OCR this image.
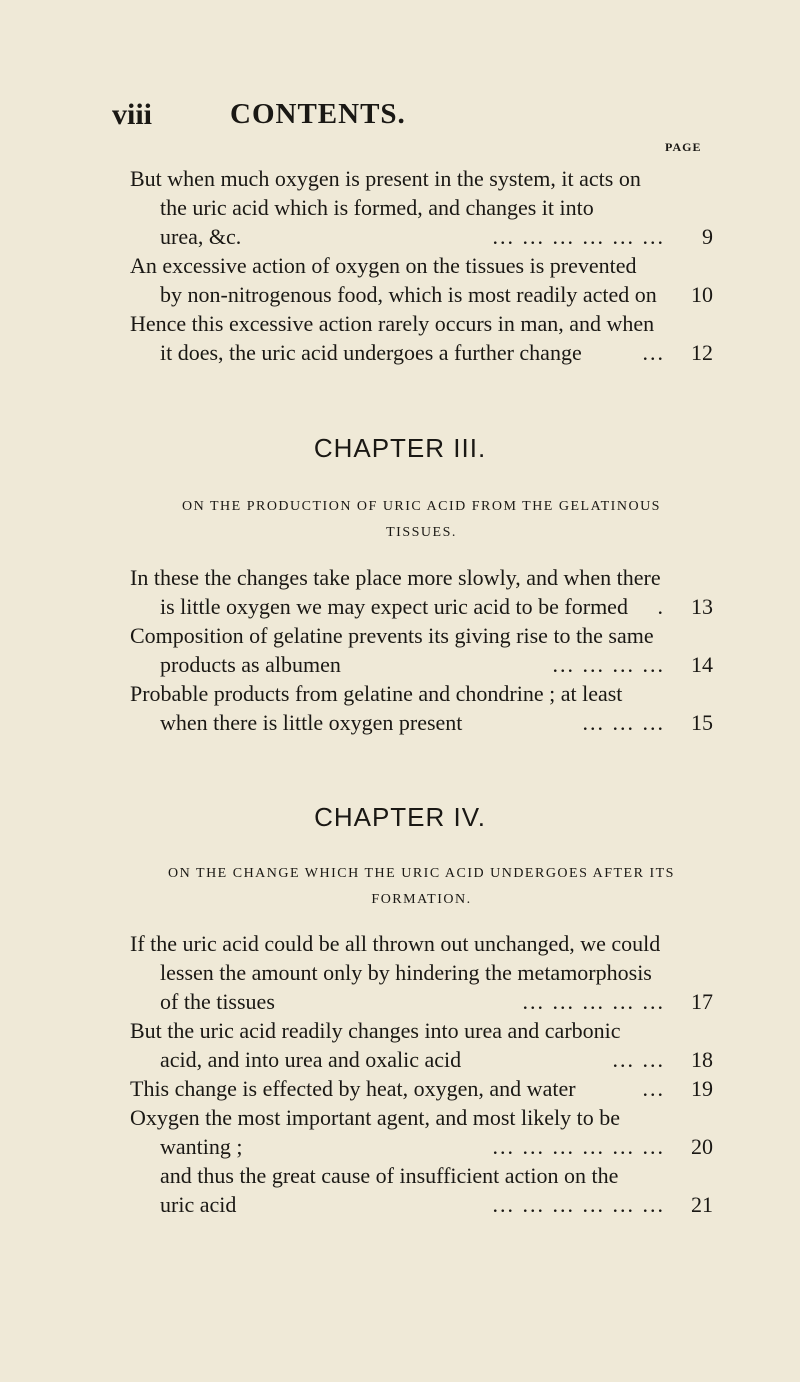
viii	CONTENTS.
PAGE
But when much oxygen is present in the system, it acts on
the uric acid which is formed, and changes it into
urea, &c.	... ... ... ... ... ...	9
An excessive action of oxygen on the tissues is prevented
by non-nitrogenous food, which is most readily acted on	10
Hence this excessive action rarely occurs in man, and when
it does, the uric acid undergoes a further change	...	12
CHAPTER III.
ON THE PRODUCTION OF URIC ACID FROM THE GELATINOUS
TISSUES.
In these the changes take place more slowly, and when there
is little oxygen we may expect uric acid to be formed	.	13
Composition of gelatine prevents its giving rise to the same
products as albumen	... ... ... ...	14
Probable products from gelatine and chondrine ; at least
when there is little oxygen present	... ... ...	15
CHAPTER IV.
ON THE CHANGE WHICH THE URIC ACID UNDERGOES AFTER ITS
FORMATION.
If the uric acid could be all thrown out unchanged, we could
lessen the amount only by hindering the metamorphosis
of the tissues	... ... ... ... ...	17
But the uric acid readily changes into urea and carbonic
acid, and into urea and oxalic acid	... ...	18
This change is effected by heat, oxygen, and water	...	19
Oxygen the most important agent, and most likely to be
wanting ;	... ... ... ... ... ...	20
and thus the great cause of insufficient action on the
uric acid	... ... ... ... ... ...	21
